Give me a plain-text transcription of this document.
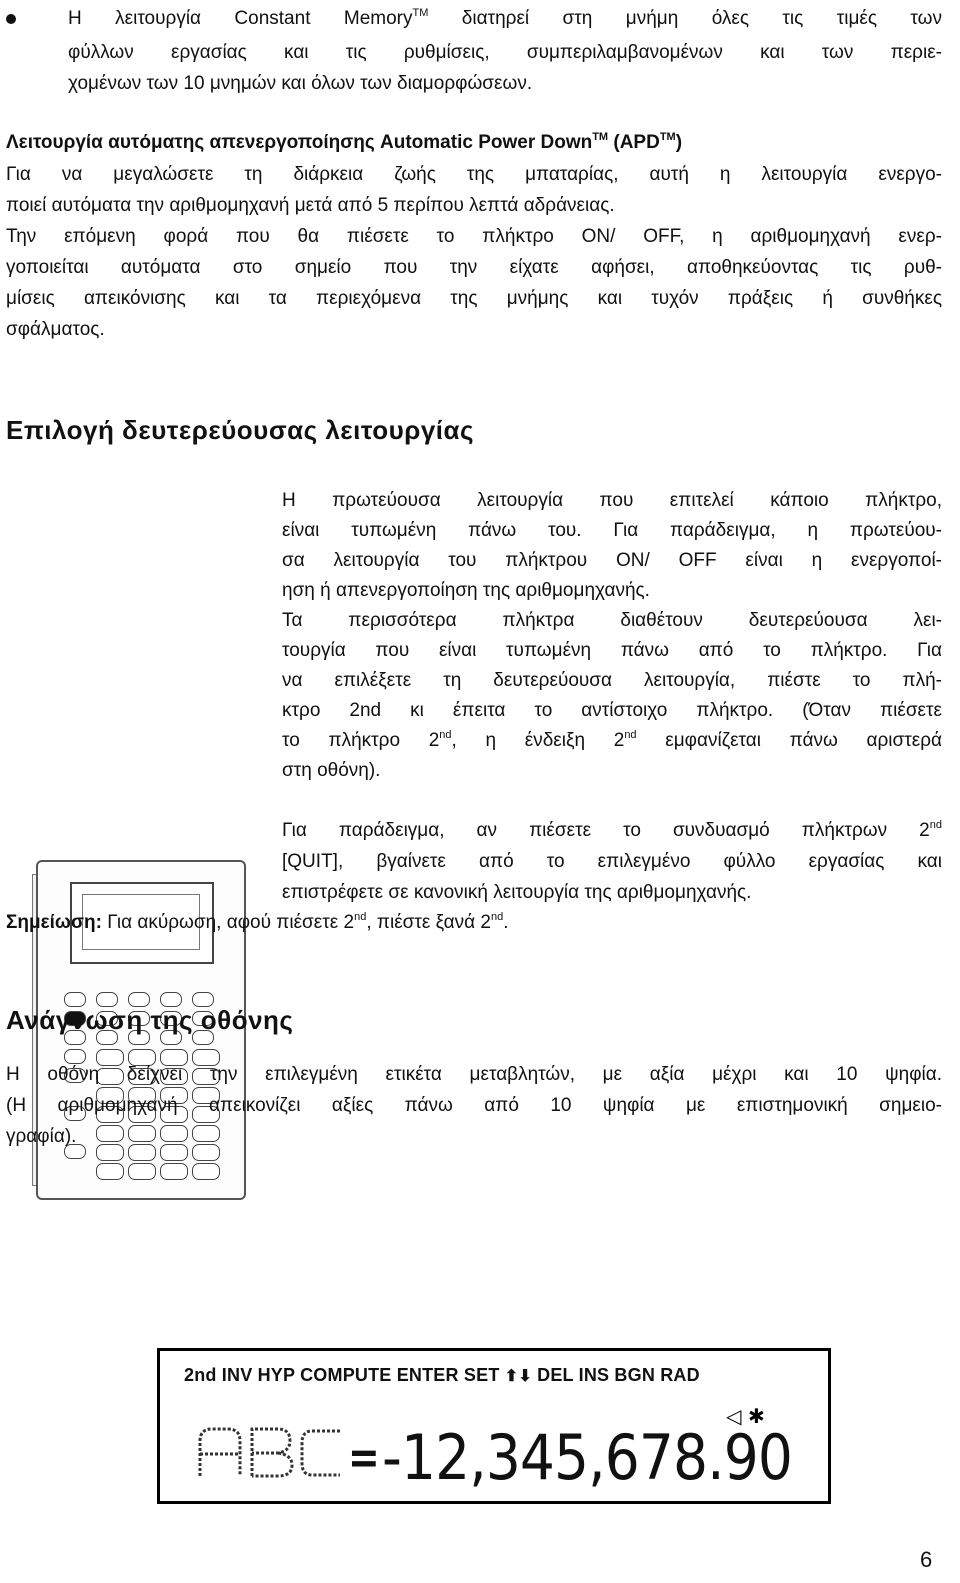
Η λειτουργία Constant Memory™ διατηρεί στη μνήμη όλες τις τιμές των
φύλλων εργασίας και τις ρυθμίσεις, συμπεριλαμβανομένων και των περιε-
χομένων των 10 μνημών και όλων των διαμορφώσεων.
Λειτουργία αυτόματης απενεργοποίησης Automatic Power Down™ (APD™)
Για να μεγαλώσετε τη διάρκεια ζωής της μπαταρίας, αυτή η λειτουργία ενεργο-
ποιεί αυτόματα την αριθμομηχανή μετά από 5 περίπου λεπτά αδράνειας.
Την επόμενη φορά που θα πιέσετε το πλήκτρο ON/ OFF, η αριθμομηχανή ενερ-
γοποιείται αυτόματα στο σημείο που την είχατε αφήσει, αποθηκεύοντας τις ρυθ-
μίσεις απεικόνισης και τα περιεχόμενα της μνήμης και τυχόν πράξεις ή συνθήκες
σφάλματος.
Επιλογή δευτερεύουσας λειτουργίας
Η πρωτεύουσα λειτουργία που επιτελεί κάποιο πλήκτρο,
είναι τυπωμένη πάνω του. Για παράδειγμα, η πρωτεύου-
σα λειτουργία του πλήκτρου ON/ OFF είναι η ενεργοποί-
ηση ή απενεργοποίηση της αριθμομηχανής.
Τα περισσότερα πλήκτρα διαθέτουν δευτερεύουσα λει-
τουργία που είναι τυπωμένη πάνω από το πλήκτρο. Για
να επιλέξετε τη δευτερεύουσα λειτουργία, πιέστε το πλή-
κτρο 2nd κι έπειτα το αντίστοιχο πλήκτρο. (Όταν πιέσετε
το πλήκτρο 2nd, η ένδειξη 2nd εμφανίζεται πάνω αριστερά
στη οθόνη).
Για παράδειγμα, αν πιέσετε το συνδυασμό πλήκτρων 2nd
[QUIT], βγαίνετε από το επιλεγμένο φύλλο εργασίας και
επιστρέφετε σε κανονική λειτουργία της αριθμομηχανής.
Σημείωση: Για ακύρωση, αφού πιέσετε 2nd, πιέστε ξανά 2nd.
Ανάγνωση της οθόνης
Η οθόνη δείχνει την επιλεγμένη ετικέτα μεταβλητών, με αξία μέχρι και 10 ψηφία.
(Η αριθμομηχανή απεικονίζει αξίες πάνω από 10 ψηφία με επιστημονική σημειο-
γραφία).
2nd INV HYP COMPUTE ENTER SET ⬆⬇ DEL INS BGN RAD
◁ ✱
ABC = -12,345,678.90
6
